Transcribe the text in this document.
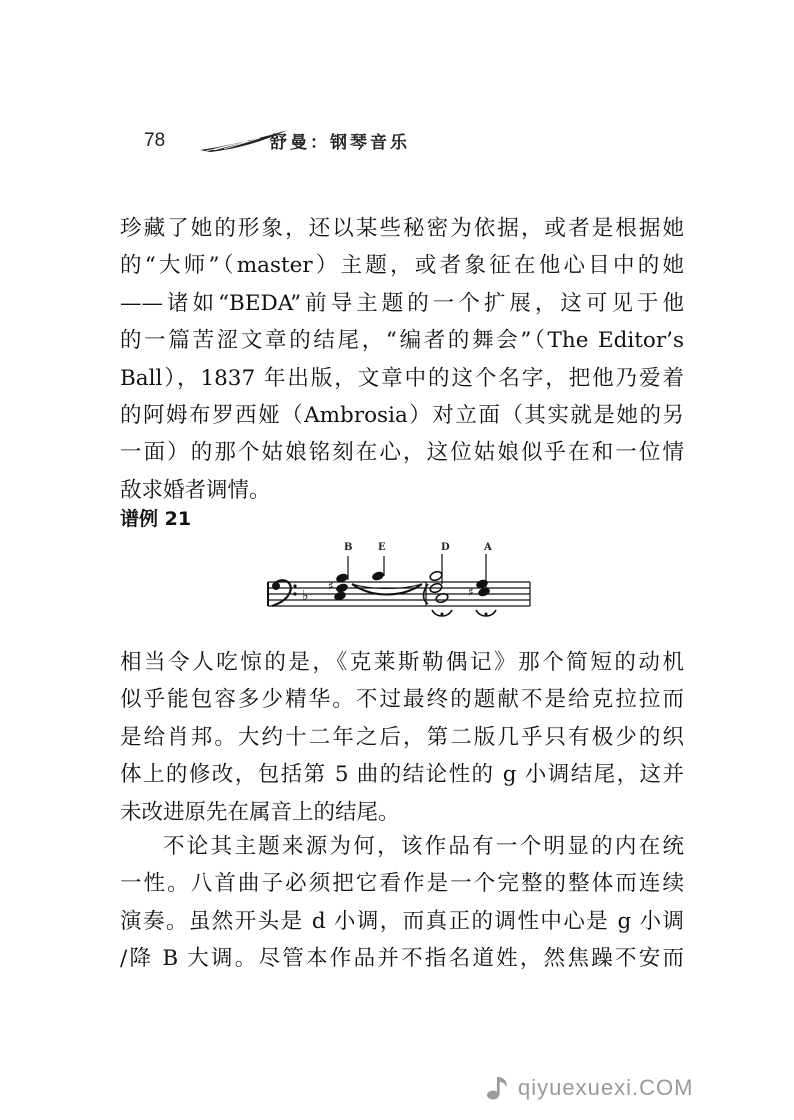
78	舒曼：钢琴音乐

珍藏了她的形象，还以某些秘密为依据，或者是根据她

的“大师”（master）主题，或者象征在他心目中的她

——诸如“BEDA”前导主题的一个扩展，这可见于他

的一篇苦涩文章的结尾，“编者的舞会”（The Editor’s

Ball），1837 年出版，文章中的这个名字，把他乃爱着

的阿姆布罗西娅（Ambrosia）对立面（其实就是她的另

一面）的那个姑娘铭刻在心，这位姑娘似乎在和一位情

敌求婚者调情。

谱例 21
B	E	D	A
♭
♯	♯

相当令人吃惊的是，《克莱斯勒偶记》那个简短的动机

似乎能包容多少精华。不过最终的题献不是给克拉拉而

是给肖邦。大约十二年之后，第二版几乎只有极少的织

体上的修改，包括第 5 曲的结论性的 g 小调结尾，这并

未改进原先在属音上的结尾。

不论其主题来源为何，该作品有一个明显的内在统

一性。八首曲子必须把它看作是一个完整的整体而连续

演奏。虽然开头是 d 小调，而真正的调性中心是 g 小调

/降 B 大调。尽管本作品并不指名道姓，然焦躁不安而

qiyuexuexi.COM
